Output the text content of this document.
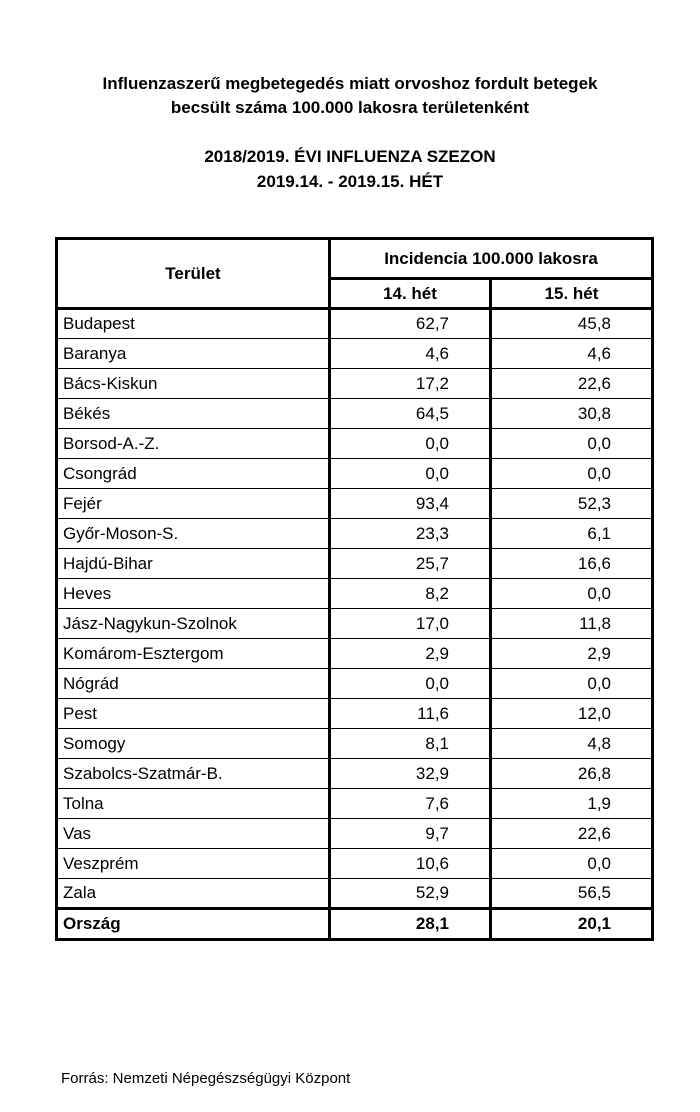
Influenzaszerű megbetegedés miatt orvoshoz fordult betegek
becsült száma 100.000 lakosra területenként
2018/2019. ÉVI INFLUENZA SZEZON
2019.14. - 2019.15. HÉT
Terület	Incidencia 100.000 lakosra	
	14. hét	15. hét
Budapest	62,7	45,8
Baranya	4,6	4,6
Bács-Kiskun	17,2	22,6
Békés	64,5	30,8
Borsod-A.-Z.	0,0	0,0
Csongrád	0,0	0,0
Fejér	93,4	52,3
Győr-Moson-S.	23,3	6,1
Hajdú-Bihar	25,7	16,6
Heves	8,2	0,0
Jász-Nagykun-Szolnok	17,0	11,8
Komárom-Esztergom	2,9	2,9
Nógrád	0,0	0,0
Pest	11,6	12,0
Somogy	8,1	4,8
Szabolcs-Szatmár-B.	32,9	26,8
Tolna	7,6	1,9
Vas	9,7	22,6
Veszprém	10,6	0,0
Zala	52,9	56,5
Ország	28,1	20,1
Forrás: Nemzeti Népegészségügyi Központ
